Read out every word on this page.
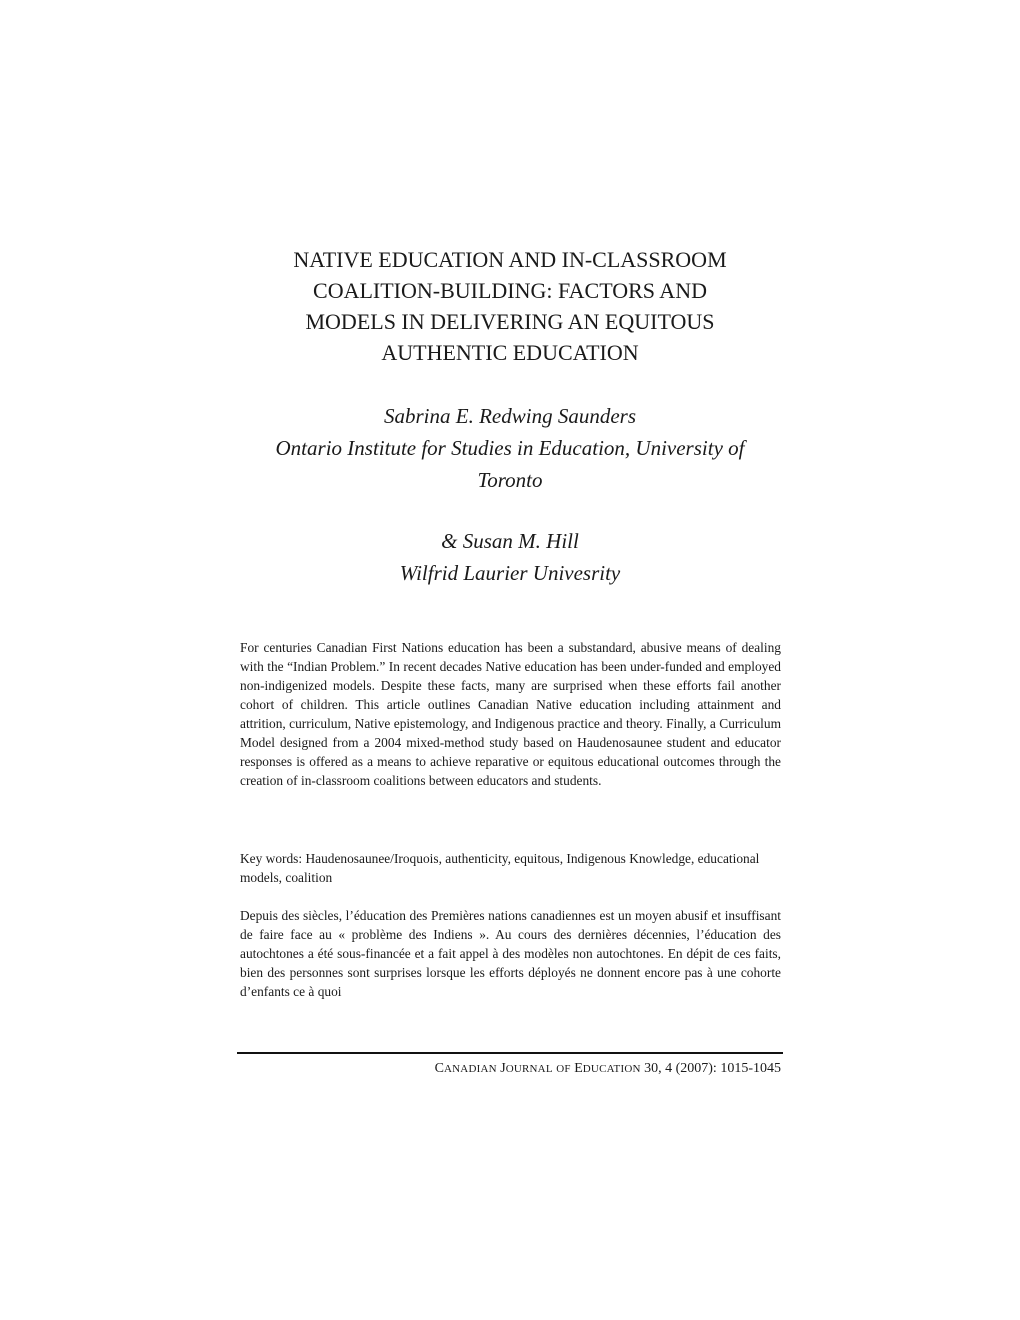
NATIVE EDUCATION AND IN-CLASSROOM
COALITION-BUILDING: FACTORS AND
MODELS IN DELIVERING AN EQUITOUS
AUTHENTIC EDUCATION
Sabrina E. Redwing Saunders
Ontario Institute for Studies in Education, University of
Toronto
& Susan M. Hill
Wilfrid Laurier Univesrity

For centuries Canadian First Nations education has been a substandard, abusive means of dealing with the “Indian Problem.” In recent decades Native education has been under-funded and employed non-indigenized models. Despite these facts, many are surprised when these efforts fail another cohort of children. This article outlines Canadian Native education including attainment and attrition, curriculum, Native epistemology, and Indigenous practice and theory. Finally, a Curriculum Model designed from a 2004 mixed-method study based on Haudenosaunee student and educator responses is offered as a means to achieve reparative or equitous educational outcomes through the creation of in-classroom coalitions between educators and students.

Key words: Haudenosaunee/Iroquois, authenticity, equitous, Indigenous Knowledge, educational models, coalition

Depuis des siècles, l’éducation des Premières nations canadiennes est un moyen abusif et insuffisant de faire face au « problème des Indiens ». Au cours des dernières décennies, l’éducation des autochtones a été sous-financée et a fait appel à des modèles non autochtones. En dépit de ces faits, bien des personnes sont surprises lorsque les efforts déployés ne donnent encore pas à une cohorte d’enfants ce à quoi

CANADIAN JOURNAL OF EDUCATION 30, 4 (2007): 1015-1045
